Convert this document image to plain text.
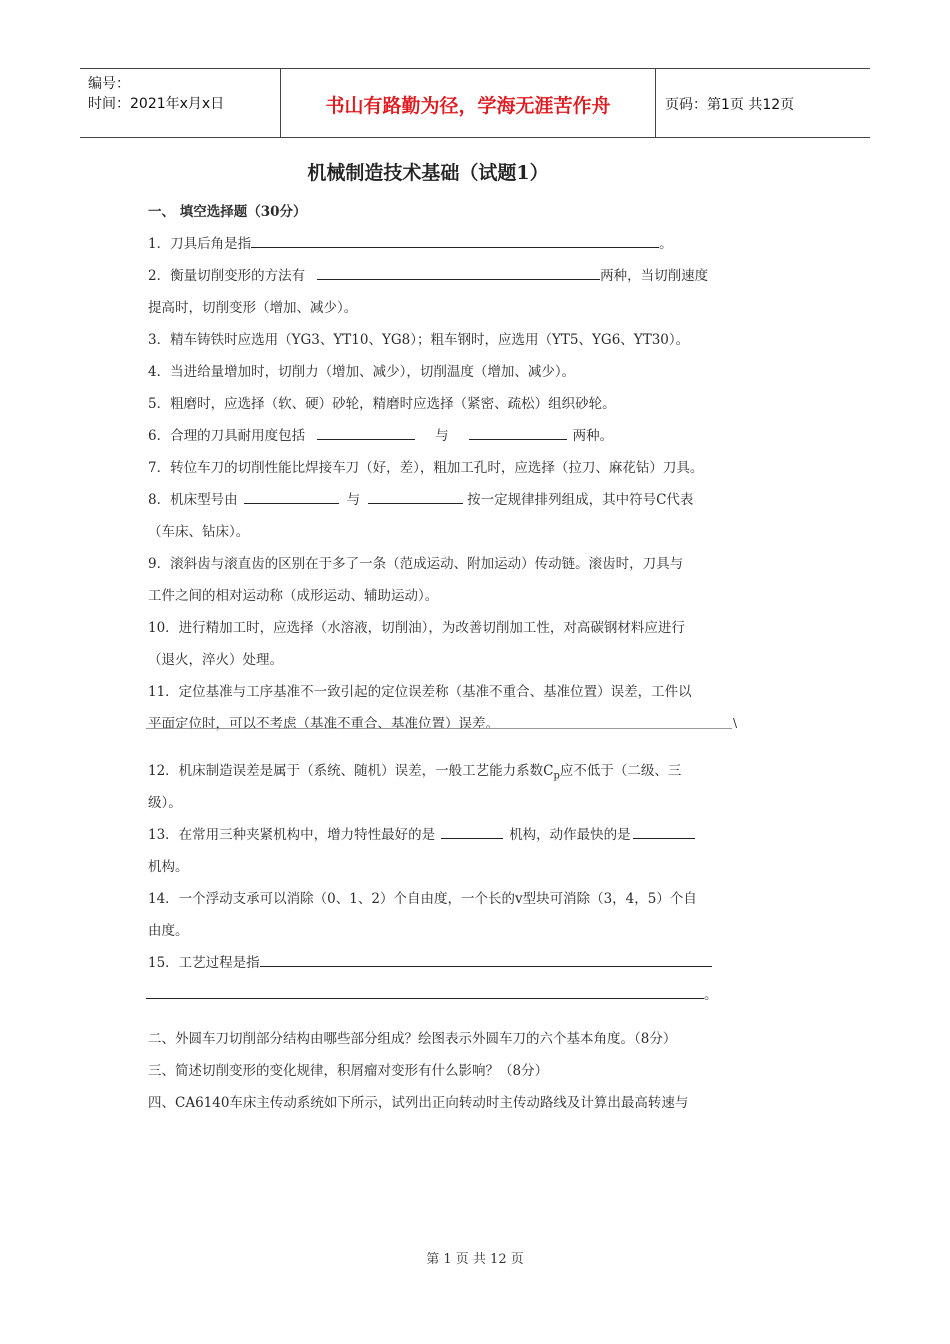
编号：
时间：2021年x月x日	书山有路勤为径，学海无涯苦作舟	页码：第1页 共12页
机械制造技术基础（试题1）
一、 填空选择题（30分）
1．刀具后角是指	。
2．衡量切削变形的方法有	两种，当切削速度
提高时，切削变形（增加、减少）。
3．精车铸铁时应选用（YG3、YT10、YG8）；粗车钢时，应选用（YT5、YG6、YT30）。
4．当进给量增加时，切削力（增加、减少），切削温度（增加、减少）。
5．粗磨时，应选择（软、硬）砂轮，精磨时应选择（紧密、疏松）组织砂轮。
6．合理的刀具耐用度包括	与	两种。
7．转位车刀的切削性能比焊接车刀（好，差），粗加工孔时，应选择（拉刀、麻花钻）刀具。
8．机床型号由	与	按一定规律排列组成，其中符号C代表
（车床、钻床）。
9．滚斜齿与滚直齿的区别在于多了一条（范成运动、附加运动）传动链。滚齿时，刀具与
工件之间的相对运动称（成形运动、辅助运动）。
10．进行精加工时，应选择（水溶液，切削油），为改善切削加工性，对高碳钢材料应进行
（退火，淬火）处理。
11．定位基准与工序基准不一致引起的定位误差称（基准不重合、基准位置）误差，工件以
平面定位时，可以不考虑（基准不重合、基准位置）误差。	\
12．机床制造误差是属于（系统、随机）误差，一般工艺能力系数$C_p$应不低于（二级、三
级）。
13．在常用三种夹紧机构中，增力特性最好的是	机构，动作最快的是
机构。
14．一个浮动支承可以消除（0、1、2）个自由度，一个长的v型块可消除（3，4，5）个自
由度。
15．工艺过程是指
。
二、外圆车刀切削部分结构由哪些部分组成？绘图表示外圆车刀的六个基本角度。（8分）
三、简述切削变形的变化规律，积屑瘤对变形有什么影响？（8分）
四、CA6140车床主传动系统如下所示，试列出正向转动时主传动路线及计算出最高转速与
第 1 页 共 12 页
